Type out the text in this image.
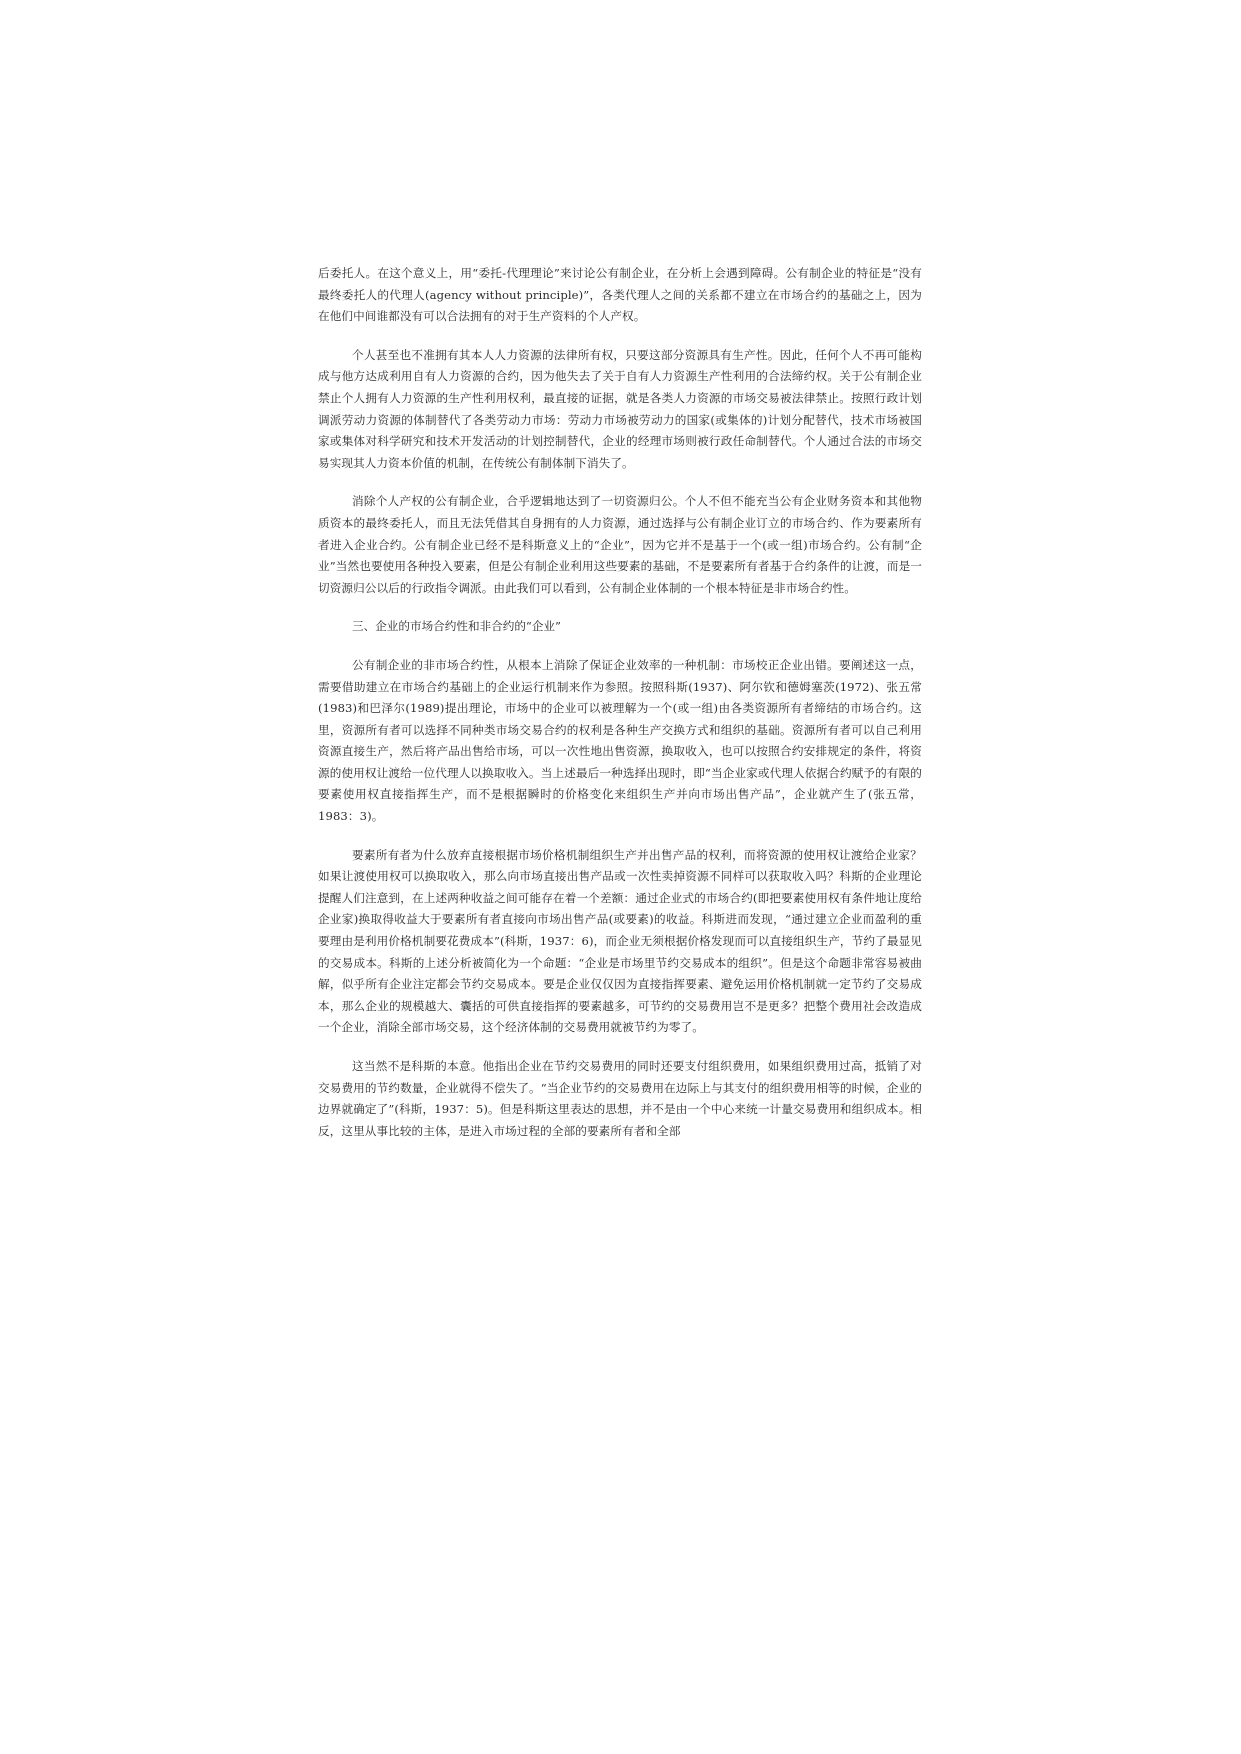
后委托人。在这个意义上，用“委托-代理理论”来讨论公有制企业，在分析上会遇到障碍。公有制企业的特征是“没有最终委托人的代理人(agency without principle)”，各类代理人之间的关系都不建立在市场合约的基础之上，因为在他们中间谁都没有可以合法拥有的对于生产资料的个人产权。

个人甚至也不准拥有其本人人力资源的法律所有权，只要这部分资源具有生产性。因此，任何个人不再可能构成与他方达成利用自有人力资源的合约，因为他失去了关于自有人力资源生产性利用的合法缔约权。关于公有制企业禁止个人拥有人力资源的生产性利用权利，最直接的证据，就是各类人力资源的市场交易被法律禁止。按照行政计划调派劳动力资源的体制替代了各类劳动力市场：劳动力市场被劳动力的国家(或集体的)计划分配替代，技术市场被国家或集体对科学研究和技术开发活动的计划控制替代，企业的经理市场则被行政任命制替代。个人通过合法的市场交易实现其人力资本价值的机制，在传统公有制体制下消失了。

消除个人产权的公有制企业，合乎逻辑地达到了一切资源归公。个人不但不能充当公有企业财务资本和其他物质资本的最终委托人，而且无法凭借其自身拥有的人力资源，通过选择与公有制企业订立的市场合约、作为要素所有者进入企业合约。公有制企业已经不是科斯意义上的“企业”，因为它并不是基于一个(或一组)市场合约。公有制“企业”当然也要使用各种投入要素，但是公有制企业利用这些要素的基础，不是要素所有者基于合约条件的让渡，而是一切资源归公以后的行政指令调派。由此我们可以看到，公有制企业体制的一个根本特征是非市场合约性。

三、企业的市场合约性和非合约的“企业”

公有制企业的非市场合约性，从根本上消除了保证企业效率的一种机制：市场校正企业出错。要阐述这一点，需要借助建立在市场合约基础上的企业运行机制来作为参照。按照科斯(1937)、阿尔钦和德姆塞茨(1972)、张五常(1983)和巴泽尔(1989)提出理论，市场中的企业可以被理解为一个(或一组)由各类资源所有者缔结的市场合约。这里，资源所有者可以选择不同种类市场交易合约的权利是各种生产交换方式和组织的基础。资源所有者可以自己利用资源直接生产，然后将产品出售给市场，可以一次性地出售资源，换取收入，也可以按照合约安排规定的条件，将资源的使用权让渡给一位代理人以换取收入。当上述最后一种选择出现时，即“当企业家或代理人依据合约赋予的有限的要素使用权直接指挥生产，而不是根据瞬时的价格变化来组织生产并向市场出售产品”，企业就产生了(张五常，1983：3)。

要素所有者为什么放弃直接根据市场价格机制组织生产并出售产品的权利，而将资源的使用权让渡给企业家？如果让渡使用权可以换取收入，那么向市场直接出售产品或一次性卖掉资源不同样可以获取收入吗？科斯的企业理论提醒人们注意到，在上述两种收益之间可能存在着一个差额：通过企业式的市场合约(即把要素使用权有条件地让度给企业家)换取得收益大于要素所有者直接向市场出售产品(或要素)的收益。科斯进而发现，“通过建立企业而盈利的重要理由是利用价格机制要花费成本”(科斯，1937：6)，而企业无须根据价格发现而可以直接组织生产，节约了最显见的交易成本。科斯的上述分析被简化为一个命题：“企业是市场里节约交易成本的组织”。但是这个命题非常容易被曲解，似乎所有企业注定都会节约交易成本。要是企业仅仅因为直接指挥要素、避免运用价格机制就一定节约了交易成本，那么企业的规模越大、囊括的可供直接指挥的要素越多，可节约的交易费用岂不是更多？把整个费用社会改造成一个企业，消除全部市场交易，这个经济体制的交易费用就被节约为零了。

这当然不是科斯的本意。他指出企业在节约交易费用的同时还要支付组织费用，如果组织费用过高，抵销了对交易费用的节约数量，企业就得不偿失了。“当企业节约的交易费用在边际上与其支付的组织费用相等的时候，企业的边界就确定了”(科斯，1937：5)。但是科斯这里表达的思想，并不是由一个中心来统一计量交易费用和组织成本。相反，这里从事比较的主体，是进入市场过程的全部的要素所有者和全部
